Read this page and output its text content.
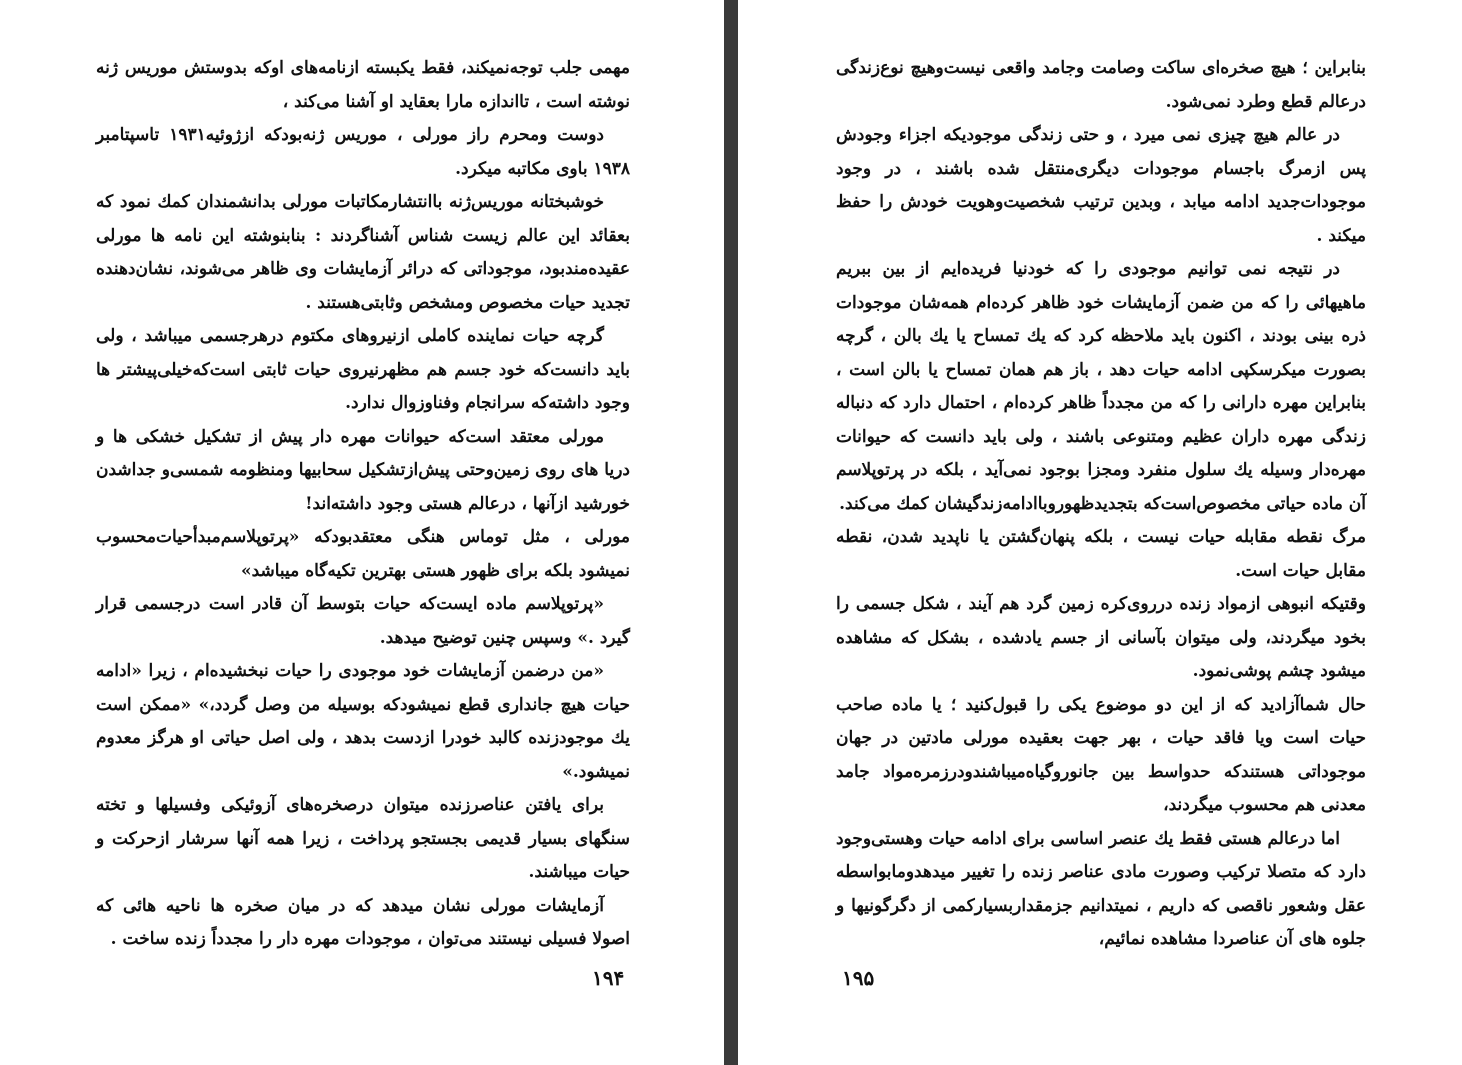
مهمی جلب توجه‌نمیکند، فقط یکبسته ازنامه‌های اوکه بدوستش موریس ژنه نوشته است ، تااندازه مارا بعقاید او آشنا می‌کند ،

دوست ومحرم راز مورلی ، موریس ژنه‌بودکه ازژوئیه۱۹۳۱ تاسپتامبر ۱۹۳۸ باوی مکاتبه میکرد.

خوشبختانه موریس‌ژنه باانتشارمکاتبات مورلی بدانشمندان کمك نمود که بعقائد این عالم زیست شناس آشناگردند : بنابنوشته این نامه ها مورلی عقیده‌مندبود، موجوداتی که درائر آزمایشات وی ظاهر می‌شوند، نشان‌دهنده تجدید حیات مخصوص ومشخص وثابتی‌هستند .

گرچه حیات نماینده کاملی ازنیروهای مکتوم درهرجسمی میباشد ، ولی باید دانست‌که خود جسم هم مظهرنیروی حیات ثابتی است‌که‌خیلی‌پیشتر ها وجود داشته‌که سرانجام وفناوزوال ندارد.

مورلی معتقد است‌که حیوانات مهره دار پیش از تشکیل خشکی ها و دریا های روی زمین‌وحتی پیش‌ازتشکیل سحابیها ومنظومه شمسی‌و جداشدن خورشید ازآنها ، درعالم هستی وجود داشته‌اند!

مورلی ، مثل توماس هنگی معتقدبودکه «پرتوپلاسم‌مبدأ‌حیات‌محسوب نمیشود بلکه برای ظهور هستی بهترین تکیه‌گاه میباشد»

«پرتوپلاسم ماده ایست‌که حیات بتوسط آن قادر است درجسمی قرار گیرد .» وسپس چنین توضیح میدهد.

«من درضمن آزمایشات خود موجودی را حیات نبخشیده‌ام ، زیرا «ادامه حیات هیچ جانداری قطع نمیشودکه بوسیله من وصل گردد،» «ممکن است یك موجودزنده کالبد خودرا ازدست بدهد ، ولی اصل حیاتی او هرگز معدوم نمیشود.»

برای یافتن عناصرزنده میتوان درصخره‌های آزوئیکی وفسیلها و تخته سنگهای بسیار قدیمی بجستجو پرداخت ، زیرا همه آنها سرشار ازحرکت و حیات میباشند.

آزمایشات مورلی نشان میدهد که در میان صخره ها ناحیه هائی که اصولا فسیلی نیستند می‌توان ، موجودات مهره دار را مجدداً زنده ساخت .

۱۹۴

بنابراین ؛ هیچ صخره‌ای ساکت وصامت وجامد واقعی نیست‌وهیچ نوع‌زندگی درعالم قطع وطرد نمی‌شود.

در عالم هیچ چیزی نمی میرد ، و حتی زندگی موجودیکه اجزاء وجودش پس ازمرگ باجسام موجودات دیگری‌منتقل شده باشند ، در وجود موجودات‌جدید ادامه میابد ، وبدین ترتیب شخصیت‌وهویت خودش را حفظ میکند .

در نتیجه نمی توانیم موجودی را که خودنیا فریده‌ایم از بین ببریم ماهیهائی را که من ضمن آزمایشات خود ظاهر کرده‌ام همه‌شان موجودات ذره بینی بودند ، اکنون باید ملاحظه کرد که یك تمساح یا یك بالن ، گرچه بصورت میکرسکپی ادامه حیات دهد ، باز هم همان تمساح یا بالن است ، بنابراین مهره دارانی را که من مجدداً ظاهر کرده‌ام ، احتمال دارد که دنباله زندگی مهره داران عظیم ومتنوعی باشند ، ولی باید دانست که حیوانات مهره‌دار وسیله یك سلول منفرد ومجزا بوجود نمی‌آید ، بلکه در پرتوپلاسم آن ماده حیاتی مخصوص‌است‌که بتجدیدظهوروباادامه‌زندگیشان کمك می‌کند.

مرگ نقطه مقابله حیات نیست ، بلکه پنهان‌گشتن یا ناپدید شدن، نقطه مقابل حیات است.

وقتیکه انبوهی ازمواد زنده درروی‌کره زمین گرد هم آیند ، شکل جسمی را بخود میگردند، ولی میتوان بآسانی از جسم یادشده ، بشکل که مشاهده میشود چشم پوشی‌نمود.

حال شماآزادید که از این دو موضوع یکی را قبول‌کنید ؛ یا ماده صاحب حیات است ویا فاقد حیات ، بهر جهت بعقیده مورلی مادتین در جهان موجوداتی هستندکه حدواسط بین جانوروگیاه‌میباشندودرزمره‌مواد جامد معدنی هم محسوب میگردند،

اما درعالم هستی فقط یك عنصر اساسی برای ادامه حیات وهستی‌وجود دارد که متصلا ترکیب وصورت مادی عناصر زنده را تغییر میدهدومابواسطه عقل وشعور ناقصی که داریم ، نمیتدانیم جزمقداربسیارکمی از دگرگونیها و جلوه های آن عناصردا مشاهده نمائیم،

۱۹۵
